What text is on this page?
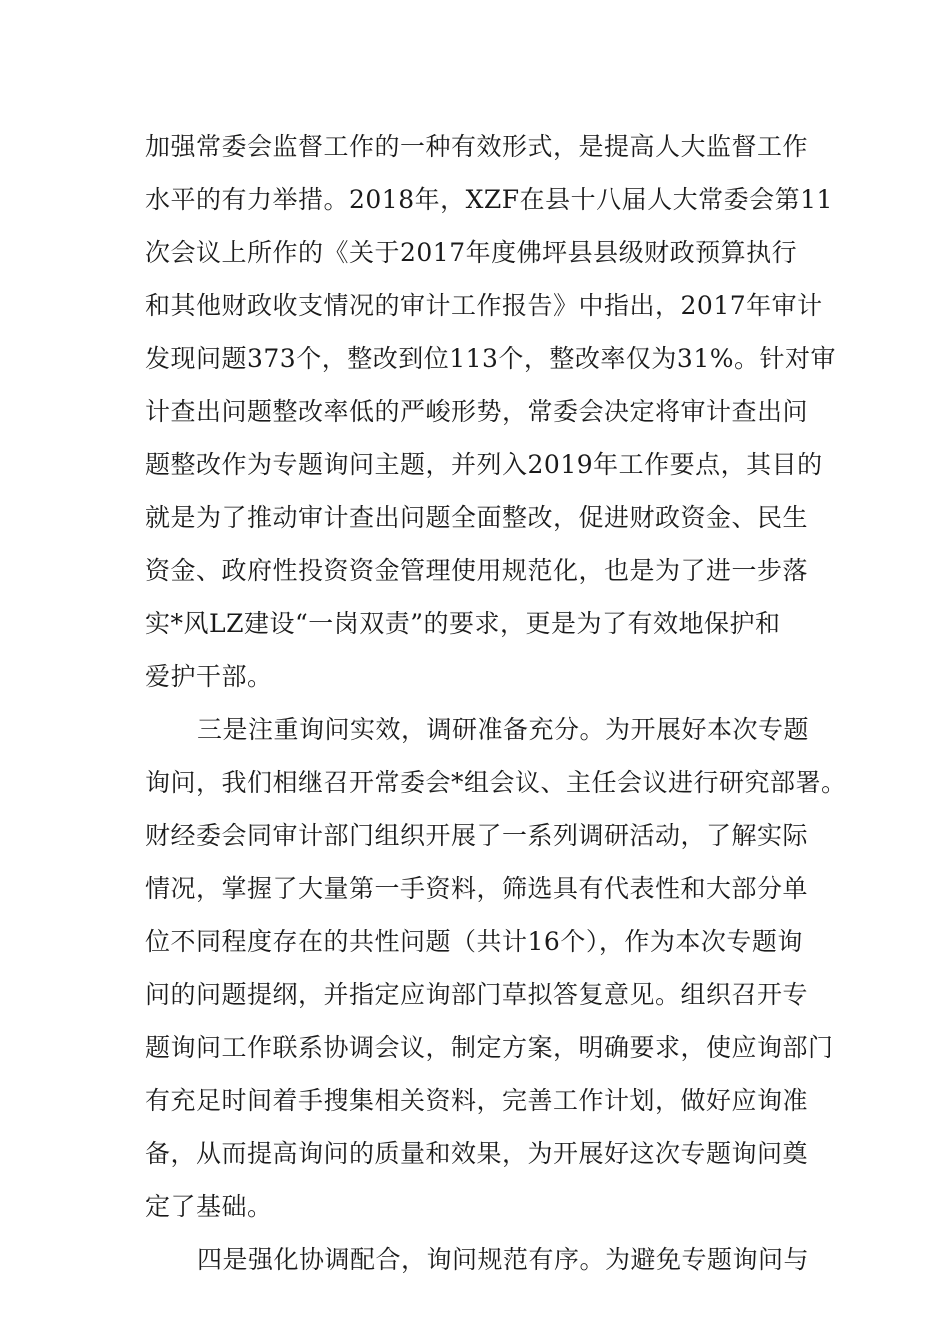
加强常委会监督工作的一种有效形式，是提高人大监督工作
水平的有力举措。2018年，XZF在县十八届人大常委会第11
次会议上所作的《关于2017年度佛坪县县级财政预算执行
和其他财政收支情况的审计工作报告》中指出，2017年审计
发现问题373个，整改到位113个，整改率仅为31%。针对审
计查出问题整改率低的严峻形势，常委会决定将审计查出问
题整改作为专题询问主题，并列入2019年工作要点，其目的
就是为了推动审计查出问题全面整改，促进财政资金、民生
资金、政府性投资资金管理使用规范化，也是为了进一步落
实*风LZ建设“一岗双责”的要求，更是为了有效地保护和
爱护干部。
三是注重询问实效，调研准备充分。为开展好本次专题
询问，我们相继召开常委会*组会议、主任会议进行研究部署。
财经委会同审计部门组织开展了一系列调研活动，了解实际
情况，掌握了大量第一手资料，筛选具有代表性和大部分单
位不同程度存在的共性问题（共计16个），作为本次专题询
问的问题提纲，并指定应询部门草拟答复意见。组织召开专
题询问工作联系协调会议，制定方案，明确要求，使应询部门
有充足时间着手搜集相关资料，完善工作计划，做好应询准
备，从而提高询问的质量和效果，为开展好这次专题询问奠
定了基础。
四是强化协调配合，询问规范有序。为避免专题询问与
